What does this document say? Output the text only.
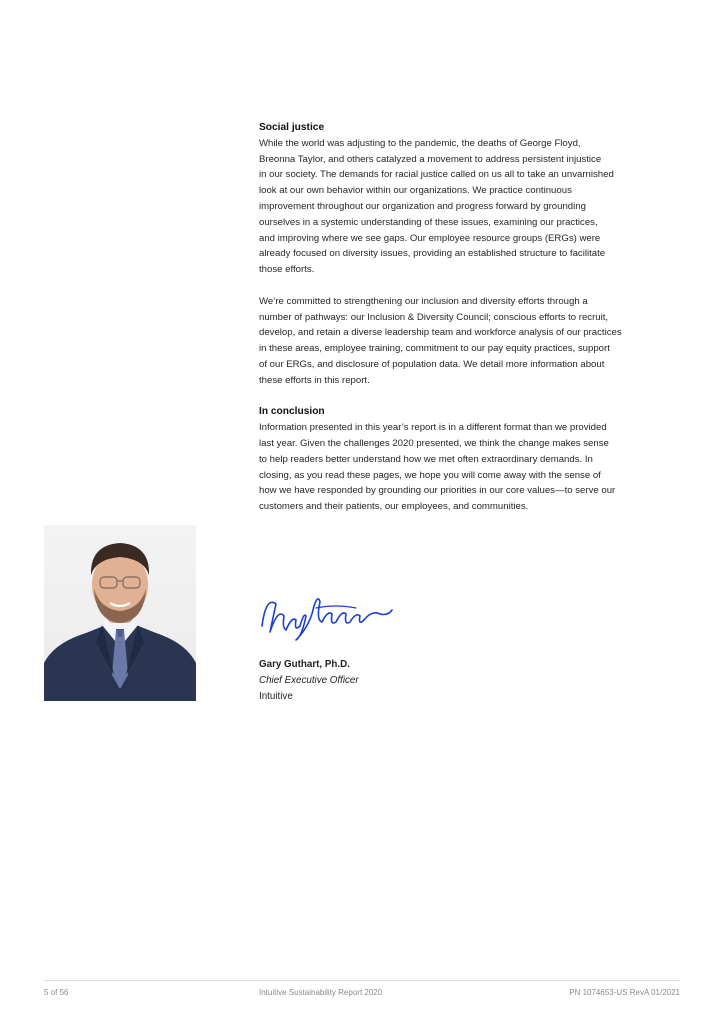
Social justice

While the world was adjusting to the pandemic, the deaths of George Floyd,

Breonna Taylor, and others catalyzed a movement to address persistent injustice

in our society. The demands for racial justice called on us all to take an unvarnished

look at our own behavior within our organizations. We practice continuous

improvement throughout our organization and progress forward by grounding

ourselves in a systemic understanding of these issues, examining our practices,

and improving where we see gaps. Our employee resource groups (ERGs) were

already focused on diversity issues, providing an established structure to facilitate

those efforts.

We’re committed to strengthening our inclusion and diversity efforts through a

number of pathways: our Inclusion & Diversity Council; conscious efforts to recruit,

develop, and retain a diverse leadership team and workforce analysis of our practices

in these areas, employee training, commitment to our pay equity practices, support

of our ERGs, and disclosure of population data. We detail more information about

these efforts in this report.

In conclusion

Information presented in this year’s report is in a different format than we provided

last year. Given the challenges 2020 presented, we think the change makes sense

to help readers better understand how we met often extraordinary demands. In

closing, as you read these pages, we hope you will come away with the sense of

how we have responded by grounding our priorities in our core values—to serve our

customers and their patients, our employees, and communities.

Gary Guthart, Ph.D.
Chief Executive Officer
Intuitive
5 of 56	Intuitive Sustainability Report 2020	PN 1074653-US RevA 01/2021
